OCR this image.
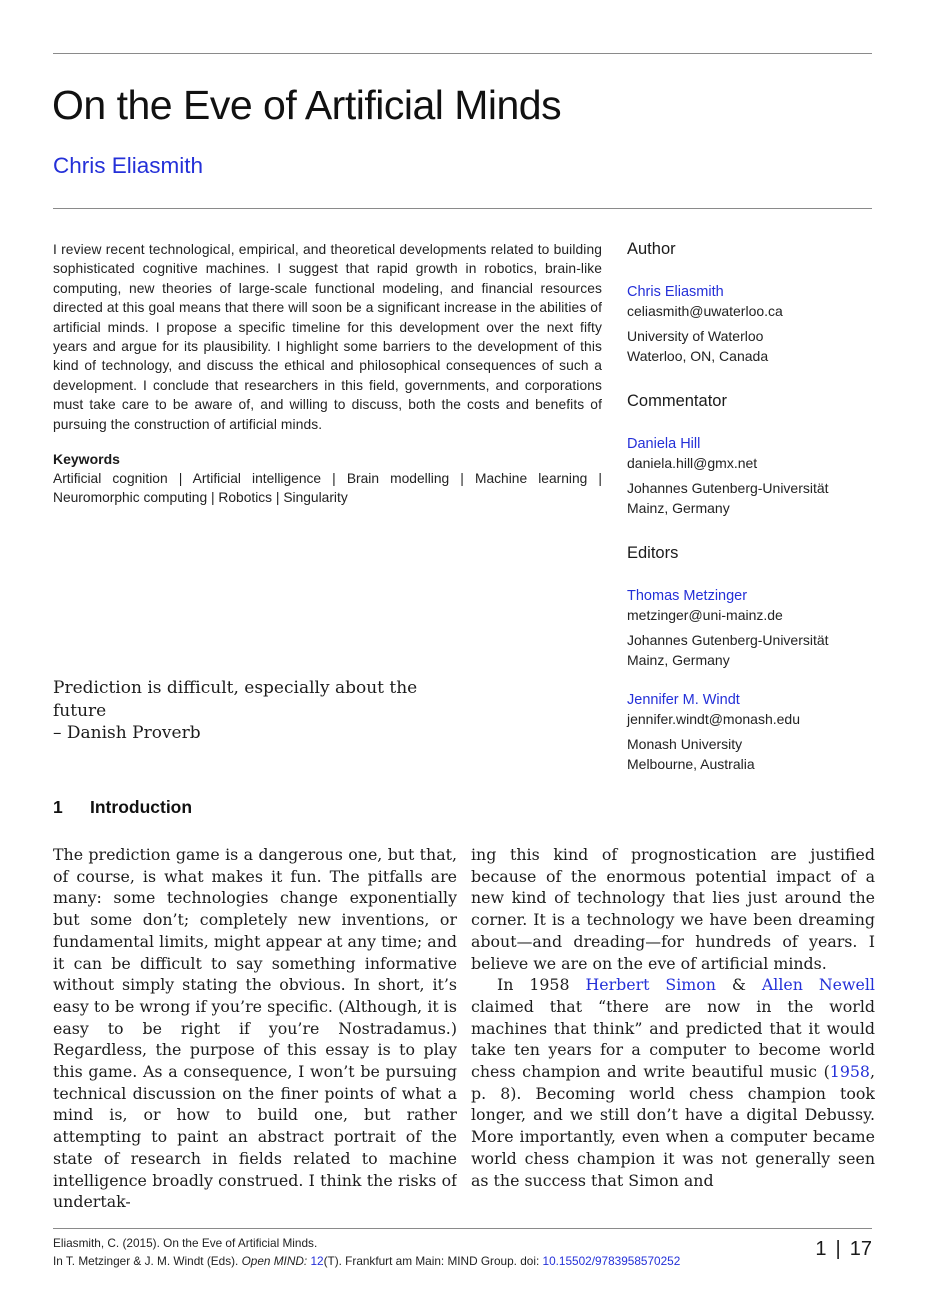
On the Eve of Artificial Minds
Chris Eliasmith

I review recent technological, empirical, and theoretical developments related to building sophisticated cognitive machines. I suggest that rapid growth in robotics, brain-like computing, new theories of large-scale functional modeling, and financial resources directed at this goal means that there will soon be a significant increase in the abilities of artificial minds. I propose a specific timeline for this development over the next fifty years and argue for its plausibility. I highlight some barriers to the development of this kind of technology, and discuss the ethical and philosophical consequences of such a development. I conclude that researchers in this field, governments, and corporations must take care to be aware of, and willing to discuss, both the costs and benefits of pursuing the construction of artificial minds.

Keywords
Artificial cognition | Artificial intelligence | Brain modelling | Machine learning | Neuromorphic computing | Robotics | Singularity
Author
Chris Eliasmith
celiasmith@uwaterloo.ca
University of Waterloo
Waterloo, ON, Canada
Commentator
Daniela Hill
daniela.hill@gmx.net
Johannes Gutenberg-Universität
Mainz, Germany
Editors
Thomas Metzinger
metzinger@uni-mainz.de
Johannes Gutenberg-Universität
Mainz, Germany
Jennifer M. Windt
jennifer.windt@monash.edu
Monash University
Melbourne, Australia
Prediction is difficult, especially about the future
– Danish Proverb
1 Introduction

The prediction game is a dangerous one, but that, of course, is what makes it fun. The pitfalls are many: some technologies change exponentially but some don’t; completely new inventions, or fundamental limits, might appear at any time; and it can be difficult to say something informative without simply stating the obvious. In short, it’s easy to be wrong if you’re specific. (Although, it is easy to be right if you’re Nostradamus.) Regardless, the purpose of this essay is to play this game. As a consequence, I won’t be pursuing technical discussion on the finer points of what a mind is, or how to build one, but rather attempting to paint an abstract portrait of the state of research in fields related to machine intelligence broadly construed. I think the risks of undertak-

ing this kind of prognostication are justified because of the enormous potential impact of a new kind of technology that lies just around the corner. It is a technology we have been dreaming about—and dreading—for hundreds of years. I believe we are on the eve of artificial minds.

In 1958 Herbert Simon & Allen Newell claimed that “there are now in the world machines that think” and predicted that it would take ten years for a computer to become world chess champion and write beautiful music (1958, p. 8). Becoming world chess champion took longer, and we still don’t have a digital Debussy. More importantly, even when a computer became world chess champion it was not generally seen as the success that Simon and

Eliasmith, C. (2015). On the Eve of Artificial Minds.
In T. Metzinger & J. M. Windt (Eds). Open MIND: 12(T). Frankfurt am Main: MIND Group. doi: 10.15502/9783958570252
1 | 17
